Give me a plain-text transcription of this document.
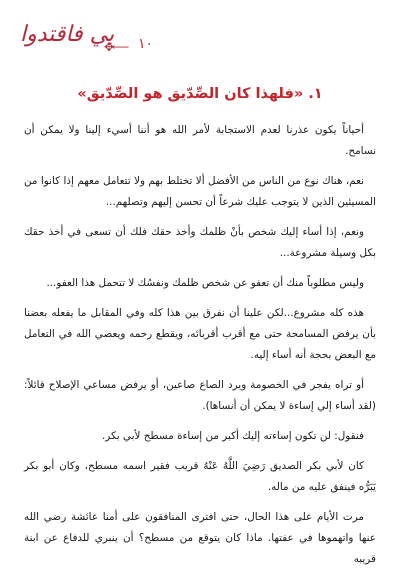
بي فاقتدوا
✥⟵ ١٠
١. «فلهذا كان الصِّدّيق هو الصِّدّيق»

أحياناً يكون عذرنا لعدم الاستجابة لأمر الله هو أننا أسيء إلينا ولا يمكن أن نسامح.

نعم، هناك نوع من الناس من الأفضل ألا تختلط بهم ولا تتعامل معهم إذا كانوا من المسيئين الذين لا يتوجب عليك شرعاً أن تحسن إليهم وتصلهم...

ونعم، إذا أساء إليك شخص بأنْ ظلمك وأخذ حقك فلك أن تسعى في أخذ حقك بكل وسيلة مشروعة...

وليس مطلوباً منك أن تعفو عن شخص ظلمك ونفسُك لا تتحمل هذا العفو...

هذه كله مشروع...لكن علينا أن نفرق بين هذا كله وفي المقابل ما يفعله بعضنا بأن يرفض المسامحة حتى مع أقرب أقربائه، ويقطع رحمه ويعصي الله في التعامل مع البعض بحجة أنه أساء إليه.

أو تراه يفجر في الخصومة ويرد الصاع صاعين، أو يرفض مساعي الإصلاح قائلاً: (لقد أساء إلي إساءة لا يمكن أن أنساها).

فنقول: لن تكون إساءته إليك أكبر من إساءة مسطح لأبي بكر.

كان لأبي بكر الصديق رَضِيَ اللَّهُ عَنْهُ قريب فقير اسمه مسطح، وكان أبو بكر يَبَرُّه فينفق عليه من ماله.

مرت الأيام على هذا الحال، حتى افترى المنافقون على أمنا عائشة رضي الله عنها واتهموها في عفتها. ماذا كان يتوقع من مسطح؟ أن ينبري للدفاع عن ابنة قريبه
